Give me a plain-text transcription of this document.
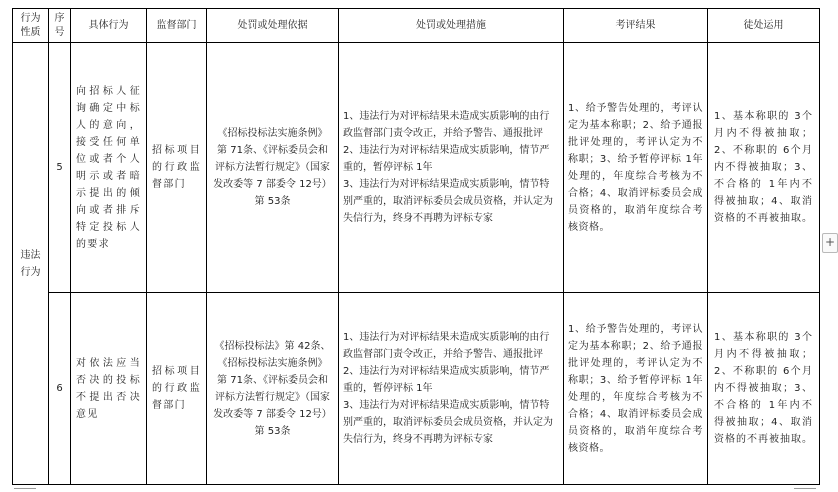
行为性质	序号	具体行为	监督部门	处罚或处理依据	处罚或处理措施	考评结果	徒处运用

违法行为	5	向招标人征询确定中标人的意向，接受任何单位或者个人明示或者暗示提出的倾向或者排斥特定投标人的要求	招标项目的行政监督部门	《招标投标法实施条例》第 71条、《评标委员会和评标方法暂行规定》（国家发改委等 7 部委令 12号）第 53条	1、违法行为对评标结果未造成实质影响的由行政监督部门责令改正，并给予警告、通报批评
2、违法行为对评标结果造成实质影响，情节严重的，暂停评标 1年
3、违法行为对评标结果造成实质影响，情节特别严重的，取消评标委员会成员资格，并认定为失信行为，终身不再聘为评标专家	1、给予警告处理的，考评认定为基本称职；2、给予通报批评处理的，考评认定为不称职；3、给予暂停评标 1年处理的，年度综合考核为不合格；4、取消评标委员会成员资格的，取消年度综合考核资格。	1、基本称职的 3个月内不得被抽取；2、不称职的 6个月内不得被抽取；3、不合格的 1年内不得被抽取；4、取消资格的不再被抽取。

	6	对依法应当否决的投标不提出否决意见	招标项目的行政监督部门	《招标投标法》第 42条、《招标投标法实施条例》第 71条、《评标委员会和评标方法暂行规定》（国家发改委等 7 部委令 12号）第 53条	1、违法行为对评标结果未造成实质影响的由行政监督部门责令改正，并给予警告、通报批评
2、违法行为对评标结果造成实质影响，情节严重的，暂停评标 1年
3、违法行为对评标结果造成实质影响，情节特别严重的，取消评标委员会成员资格，并认定为失信行为，终身不再聘为评标专家	1、给予警告处理的，考评认定为基本称职；2、给予通报批评处理的，考评认定为不称职；3、给予暂停评标 1年处理的，年度综合考核为不合格；4、取消评标委员会成员资格的，取消年度综合考核资格。	1、基本称职的 3个月内不得被抽取；2、不称职的 6个月内不得被抽取；3、不合格的 1年内不得被抽取；4、取消资格的不再被抽取。
+
